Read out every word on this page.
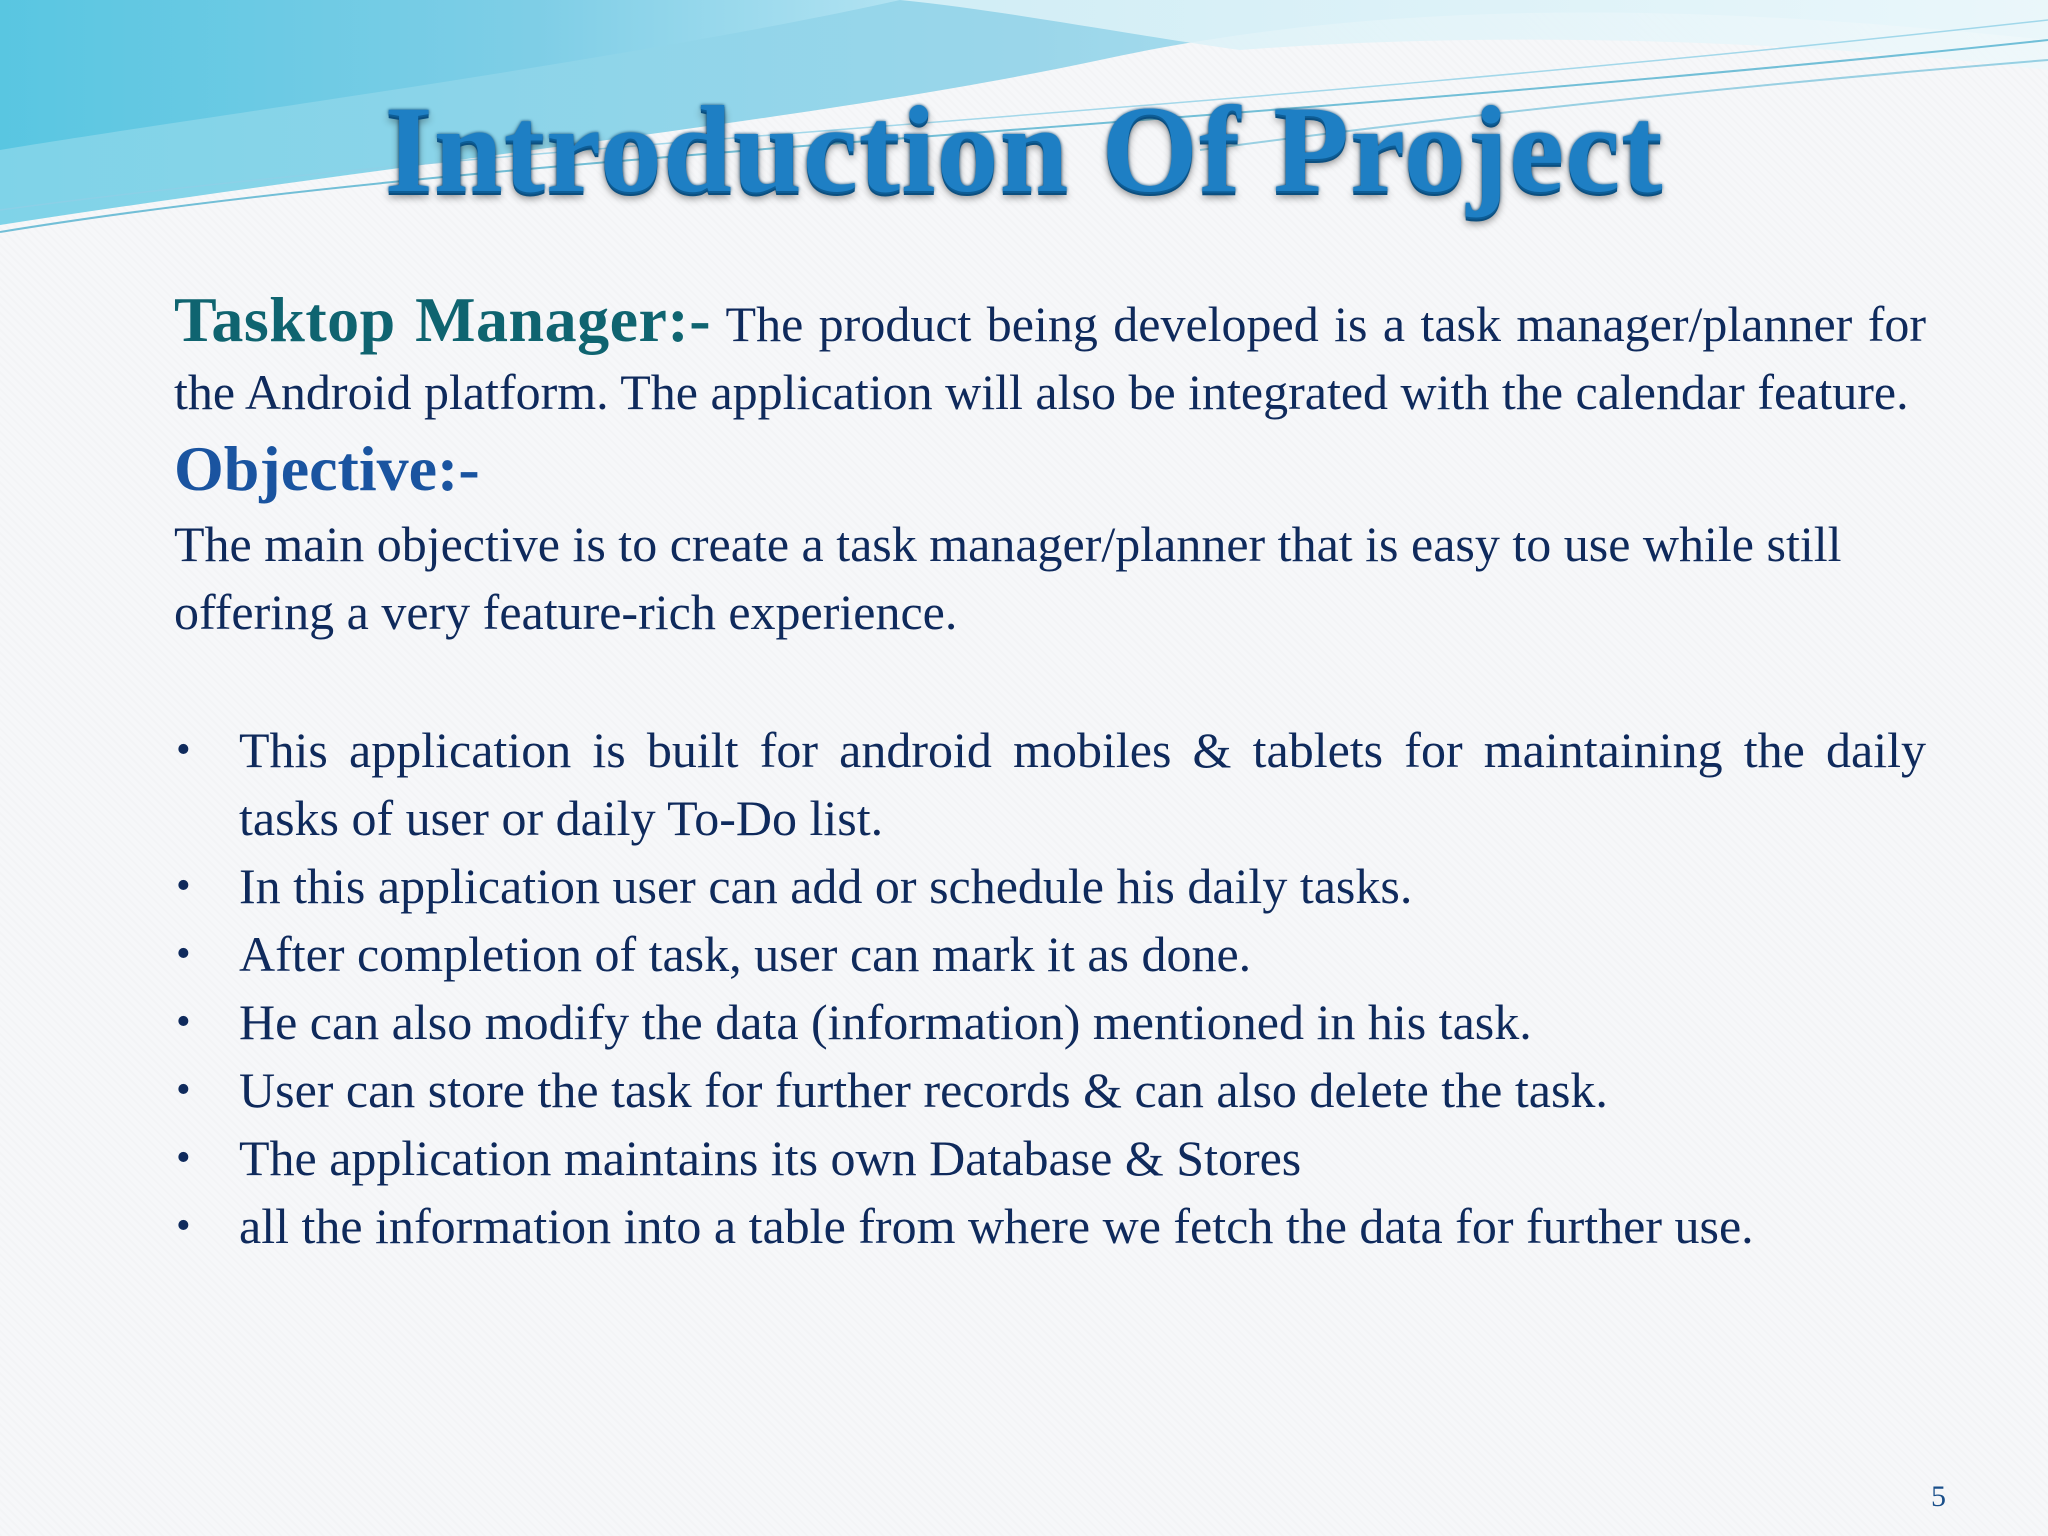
Introduction Of Project

Tasktop Manager:- The product being developed is a task manager/planner for the Android platform. The application will also be integrated with the calendar feature.

Objective:-

The main objective is to create a task manager/planner that is easy to use while still offering a very feature-rich experience.

• This application is built for android mobiles & tablets for maintaining the daily tasks of user or daily To-Do list.
• In this application user can add or schedule his daily tasks.
• After completion of task, user can mark it as done.
• He can also modify the data (information) mentioned in his task.
• User can store the task for further records & can also delete the task.
• The application maintains its own Database & Stores
• all the information into a table from where we fetch the data for further use.
5
